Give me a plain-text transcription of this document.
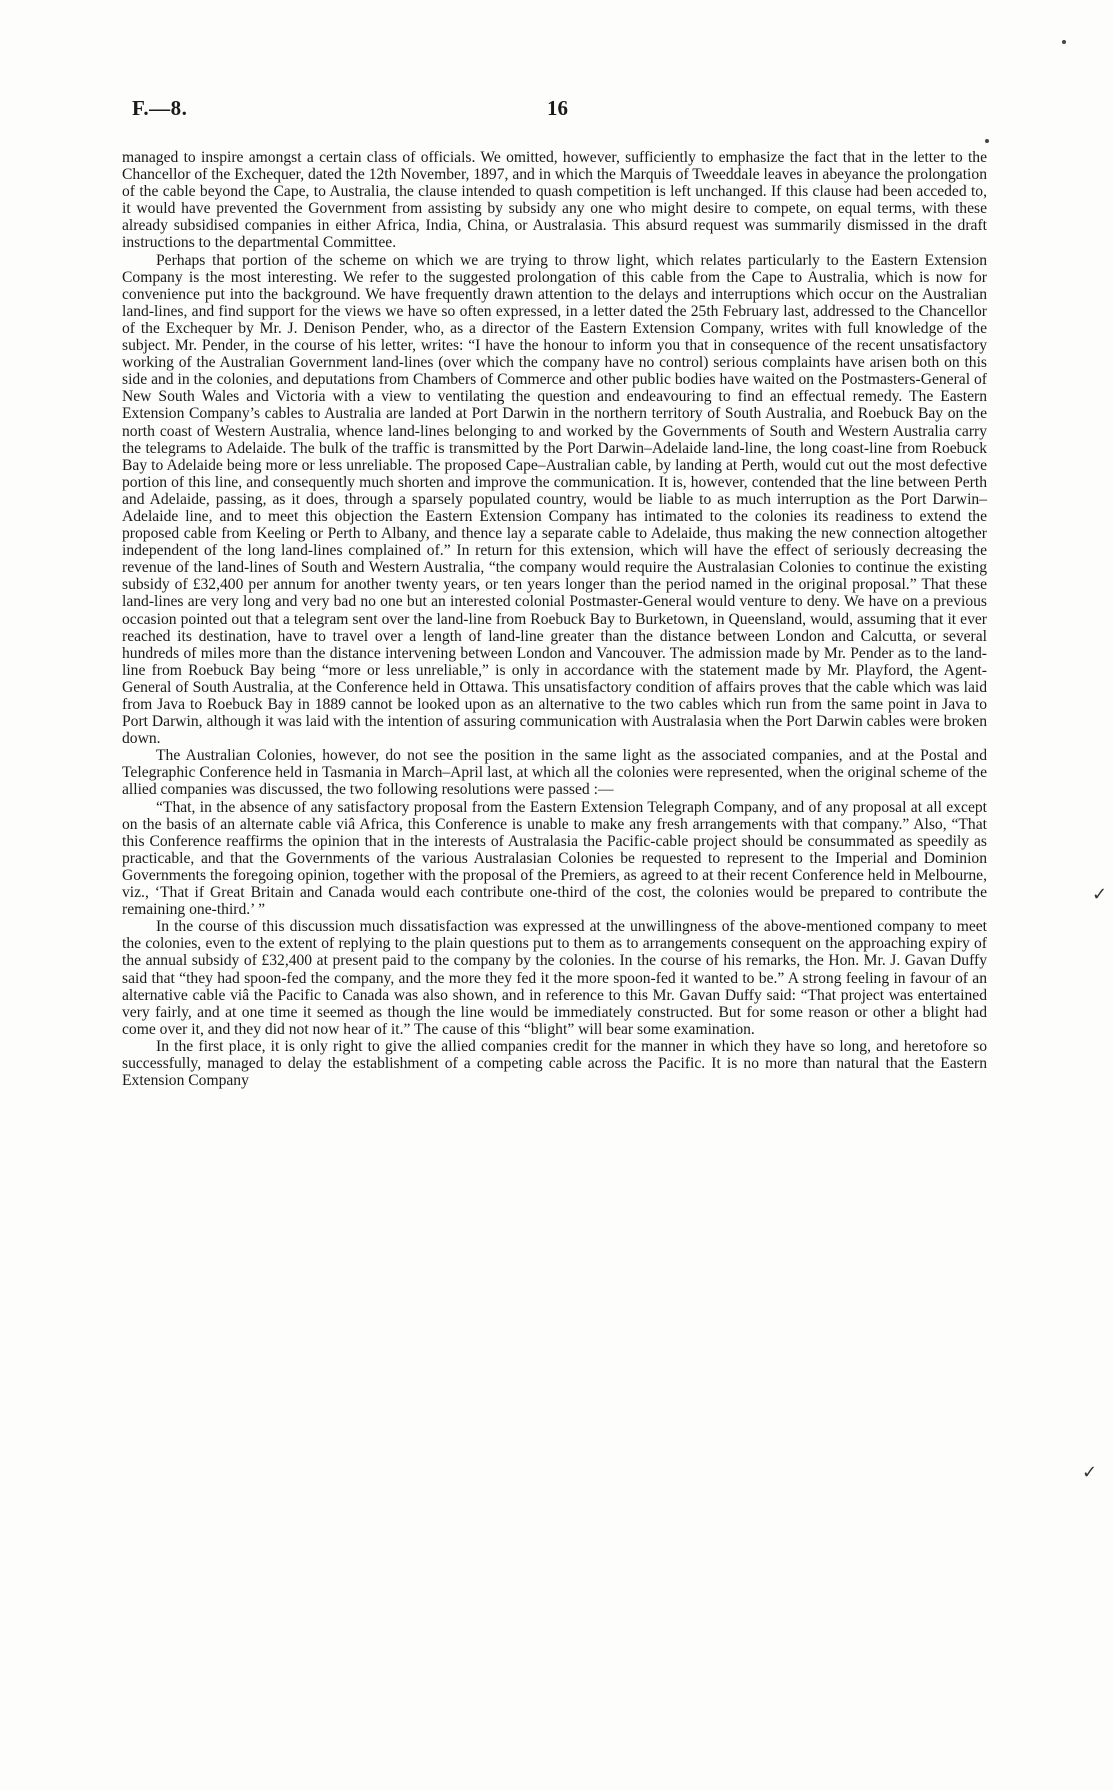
F.—8.	16

managed to inspire amongst a certain class of officials. We omitted, however, sufficiently to emphasize the fact that in the letter to the Chancellor of the Exchequer, dated the 12th November, 1897, and in which the Marquis of Tweeddale leaves in abeyance the prolongation of the cable beyond the Cape, to Australia, the clause intended to quash competition is left unchanged. If this clause had been acceded to, it would have prevented the Government from assisting by subsidy any one who might desire to compete, on equal terms, with these already subsidised companies in either Africa, India, China, or Australasia. This absurd request was summarily dismissed in the draft instructions to the departmental Committee.

Perhaps that portion of the scheme on which we are trying to throw light, which relates particularly to the Eastern Extension Company is the most interesting. We refer to the suggested prolongation of this cable from the Cape to Australia, which is now for convenience put into the background. We have frequently drawn attention to the delays and interruptions which occur on the Australian land-lines, and find support for the views we have so often expressed, in a letter dated the 25th February last, addressed to the Chancellor of the Exchequer by Mr. J. Denison Pender, who, as a director of the Eastern Extension Company, writes with full knowledge of the subject. Mr. Pender, in the course of his letter, writes: “I have the honour to inform you that in consequence of the recent unsatisfactory working of the Australian Government land-lines (over which the company have no control) serious complaints have arisen both on this side and in the colonies, and deputations from Chambers of Commerce and other public bodies have waited on the Postmasters-General of New South Wales and Victoria with a view to ventilating the question and endeavouring to find an effectual remedy. The Eastern Extension Company’s cables to Australia are landed at Port Darwin in the northern territory of South Australia, and Roebuck Bay on the north coast of Western Australia, whence land-lines belonging to and worked by the Governments of South and Western Australia carry the telegrams to Adelaide. The bulk of the traffic is transmitted by the Port Darwin–Adelaide land-line, the long coast-line from Roebuck Bay to Adelaide being more or less unreliable. The proposed Cape–Australian cable, by landing at Perth, would cut out the most defective portion of this line, and consequently much shorten and improve the communication. It is, however, contended that the line between Perth and Adelaide, passing, as it does, through a sparsely populated country, would be liable to as much interruption as the Port Darwin–Adelaide line, and to meet this objection the Eastern Extension Company has intimated to the colonies its readiness to extend the proposed cable from Keeling or Perth to Albany, and thence lay a separate cable to Adelaide, thus making the new connection altogether independent of the long land-lines complained of.” In return for this extension, which will have the effect of seriously decreasing the revenue of the land-lines of South and Western Australia, “the company would require the Australasian Colonies to continue the existing subsidy of £32,400 per annum for another twenty years, or ten years longer than the period named in the original proposal.” That these land-lines are very long and very bad no one but an interested colonial Postmaster-General would venture to deny. We have on a previous occasion pointed out that a telegram sent over the land-line from Roebuck Bay to Burketown, in Queensland, would, assuming that it ever reached its destination, have to travel over a length of land-line greater than the distance between London and Calcutta, or several hundreds of miles more than the distance intervening between London and Vancouver. The admission made by Mr. Pender as to the land-line from Roebuck Bay being “more or less unreliable,” is only in accordance with the statement made by Mr. Playford, the Agent-General of South Australia, at the Conference held in Ottawa. This unsatisfactory condition of affairs proves that the cable which was laid from Java to Roebuck Bay in 1889 cannot be looked upon as an alternative to the two cables which run from the same point in Java to Port Darwin, although it was laid with the intention of assuring communication with Australasia when the Port Darwin cables were broken down.

The Australian Colonies, however, do not see the position in the same light as the associated companies, and at the Postal and Telegraphic Conference held in Tasmania in March–April last, at which all the colonies were represented, when the original scheme of the allied companies was discussed, the two following resolutions were passed :—

“That, in the absence of any satisfactory proposal from the Eastern Extension Telegraph Company, and of any proposal at all except on the basis of an alternate cable viâ Africa, this Conference is unable to make any fresh arrangements with that company.” Also, “That this Conference reaffirms the opinion that in the interests of Australasia the Pacific-cable project should be consummated as speedily as practicable, and that the Governments of the various Australasian Colonies be requested to represent to the Imperial and Dominion Governments the foregoing opinion, together with the proposal of the Premiers, as agreed to at their recent Conference held in Melbourne, viz., ‘That if Great Britain and Canada would each contribute one-third of the cost, the colonies would be prepared to contribute the remaining one-third.’ ”

In the course of this discussion much dissatisfaction was expressed at the unwillingness of the above-mentioned company to meet the colonies, even to the extent of replying to the plain questions put to them as to arrangements consequent on the approaching expiry of the annual subsidy of £32,400 at present paid to the company by the colonies. In the course of his remarks, the Hon. Mr. J. Gavan Duffy said that “they had spoon-fed the company, and the more they fed it the more spoon-fed it wanted to be.” A strong feeling in favour of an alternative cable viâ the Pacific to Canada was also shown, and in reference to this Mr. Gavan Duffy said: “That project was entertained very fairly, and at one time it seemed as though the line would be immediately constructed. But for some reason or other a blight had come over it, and they did not now hear of it.” The cause of this “blight” will bear some examination.

In the first place, it is only right to give the allied companies credit for the manner in which they have so long, and heretofore so successfully, managed to delay the establishment of a competing cable across the Pacific. It is no more than natural that the Eastern Extension Company

✓
✓
